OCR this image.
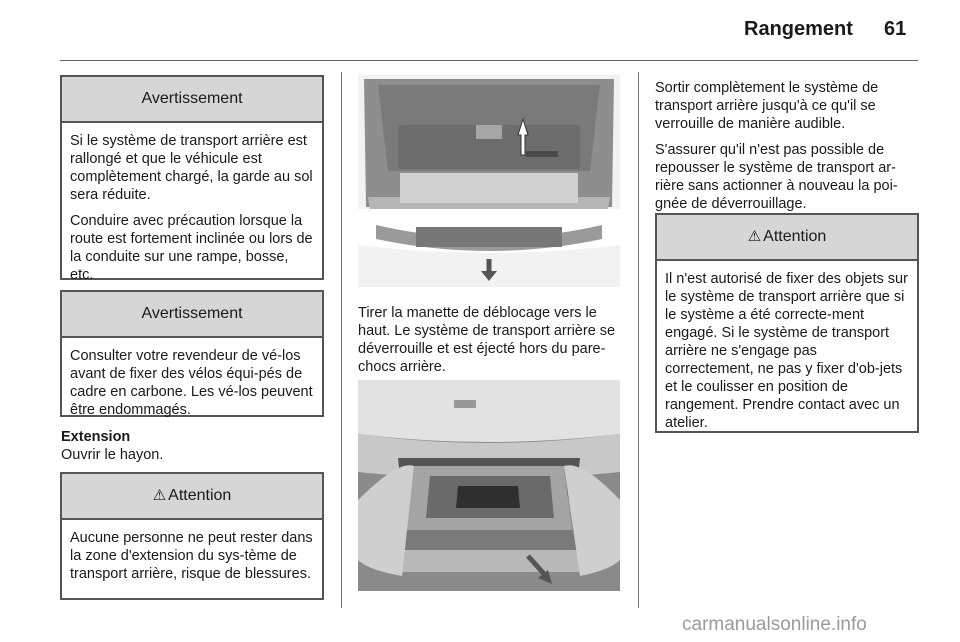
Rangement 61
Avertissement

Si le système de transport arrière est rallongé et que le véhicule est complètement chargé, la garde au sol sera réduite.

Conduire avec précaution lorsque la route est fortement inclinée ou lors de la conduite sur une rampe, bosse, etc.

Avertissement

Consulter votre revendeur de vé-los avant de fixer des vélos équi-pés de cadre en carbone. Les vé-los peuvent être endommagés.

Extension
Ouvrir le hayon.
⚠ Attention

Aucune personne ne peut rester dans la zone d'extension du sys-tème de transport arrière, risque de blessures.

Tirer la manette de déblocage vers le haut. Le système de transport arrière se déverrouille et est éjecté hors du pare-chocs arrière.

Sortir complètement le système de transport arrière jusqu'à ce qu'il se verrouille de manière audible.

S'assurer qu'il n'est pas possible de repousser le système de transport ar-rière sans actionner à nouveau la poi-gnée de déverrouillage.

⚠ Attention

Il n'est autorisé de fixer des objets sur le système de transport arrière que si le système a été correcte-ment engagé. Si le système de transport arrière ne s'engage pas correctement, ne pas y fixer d'ob-jets et le coulisser en position de rangement. Prendre contact avec un atelier.

carmanualsonline.info
